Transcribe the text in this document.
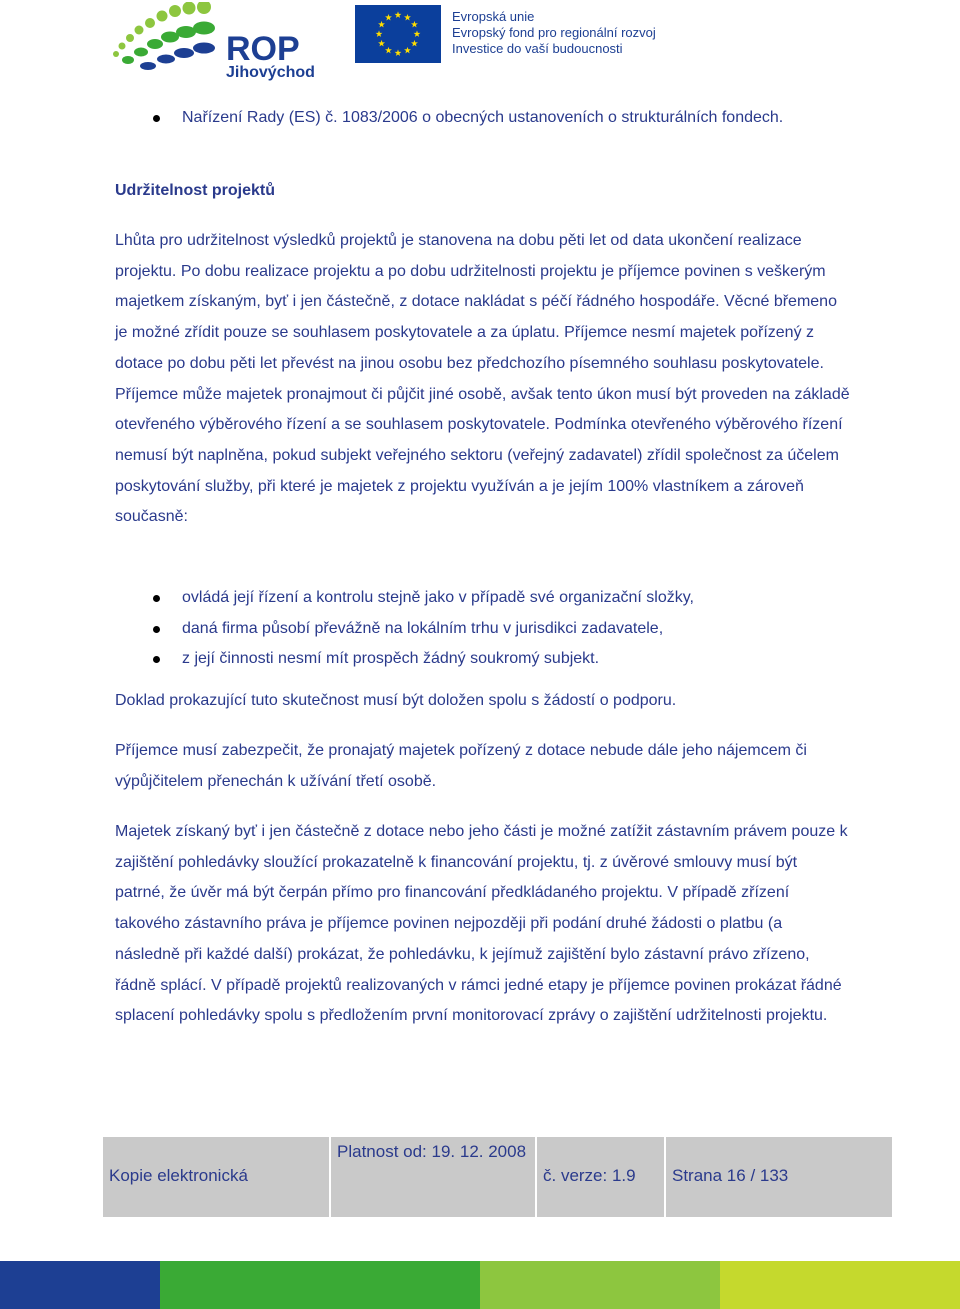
ROP
Jihovýchod
Evropská unie
Evropský fond pro regionální rozvoj
Investice do vaší budoucnosti
Nařízení Rady (ES) č. 1083/2006 o obecných ustanoveních o strukturálních fondech.
Udržitelnost projektů
Lhůta pro udržitelnost výsledků projektů je stanovena na dobu pěti let od data ukončení realizace projektu. Po dobu realizace projektu a po dobu udržitelnosti projektu je příjemce povinen s veškerým majetkem získaným, byť i jen částečně, z dotace nakládat s péčí řádného hospodáře. Věcné břemeno je možné zřídit pouze se souhlasem poskytovatele a za úplatu. Příjemce nesmí majetek pořízený z dotace po dobu pěti let převést na jinou osobu bez předchozího písemného souhlasu poskytovatele. Příjemce může majetek pronajmout či půjčit jiné osobě, avšak tento úkon musí být proveden na základě otevřeného výběrového řízení a se souhlasem poskytovatele. Podmínka otevřeného výběrového řízení nemusí být naplněna, pokud subjekt veřejného sektoru (veřejný zadavatel) zřídil společnost za účelem poskytování služby, při které je majetek z projektu využíván a je jejím 100% vlastníkem a zároveň současně:
ovládá její řízení a kontrolu stejně jako v případě své organizační složky,
daná firma působí převážně na lokálním trhu v jurisdikci zadavatele,
z její činnosti nesmí mít prospěch žádný soukromý subjekt.
Doklad prokazující tuto skutečnost musí být doložen spolu s žádostí o podporu.
Příjemce musí zabezpečit, že pronajatý majetek pořízený z dotace nebude dále jeho nájemcem či výpůjčitelem přenechán k užívání třetí osobě.
Majetek získaný byť i jen částečně z dotace nebo jeho části je možné zatížit zástavním právem pouze k zajištění pohledávky sloužící prokazatelně k financování projektu, tj. z úvěrové smlouvy musí být patrné, že úvěr má být čerpán přímo pro financování předkládaného projektu. V případě zřízení takového zástavního práva je příjemce povinen nejpozději při podání druhé žádosti o platbu (a následně při každé další) prokázat, že pohledávku, k jejímuž zajištění bylo zástavní právo zřízeno, řádně splácí. V případě projektů realizovaných v rámci jedné etapy je příjemce povinen prokázat řádné splacení pohledávky spolu s předložením první monitorovací zprávy o zajištění udržitelnosti projektu.
Kopie elektronická
Platnost od: 19. 12. 2008
č. verze: 1.9 Strana 16 / 133
